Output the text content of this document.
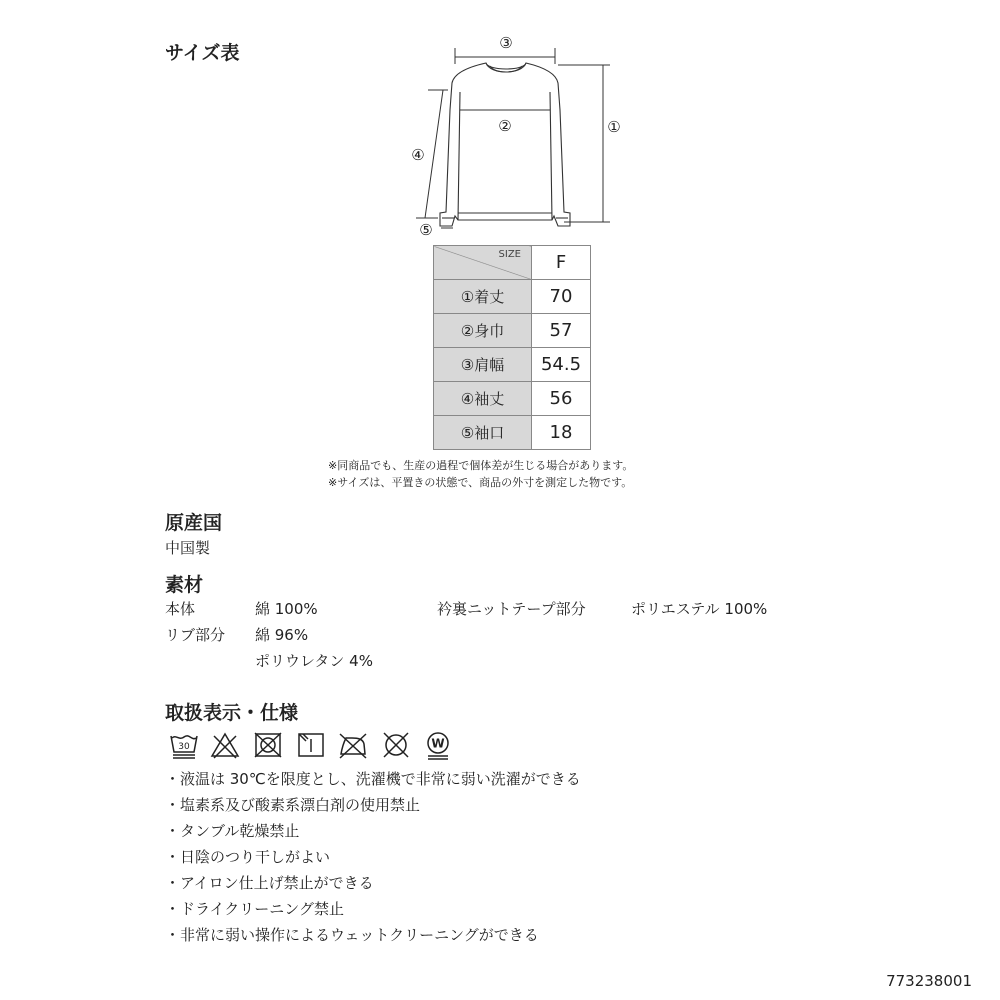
サイズ表	③
②	①
④
⑤
SIZE	F
①着丈	70
②身巾	57
③肩幅	54.5
④袖丈	56
⑤袖口	18
※同商品でも、生産の過程で個体差が生じる場合があります。
※サイズは、平置きの状態で、商品の外寸を測定した物です。
原産国
中国製
素材
本体	綿 100%	衿裏ニットテープ部分	ポリエステル 100%
リブ部分 綿 96%
ポリウレタン 4%
取扱表示・仕様
30	W
・液温は 30℃を限度とし、洗濯機で非常に弱い洗濯ができる
・塩素系及び酸素系漂白剤の使用禁止
・タンブル乾燥禁止
・日陰のつり干しがよい
・アイロン仕上げ禁止ができる
・ドライクリーニング禁止
・非常に弱い操作によるウェットクリーニングができる
773238001
